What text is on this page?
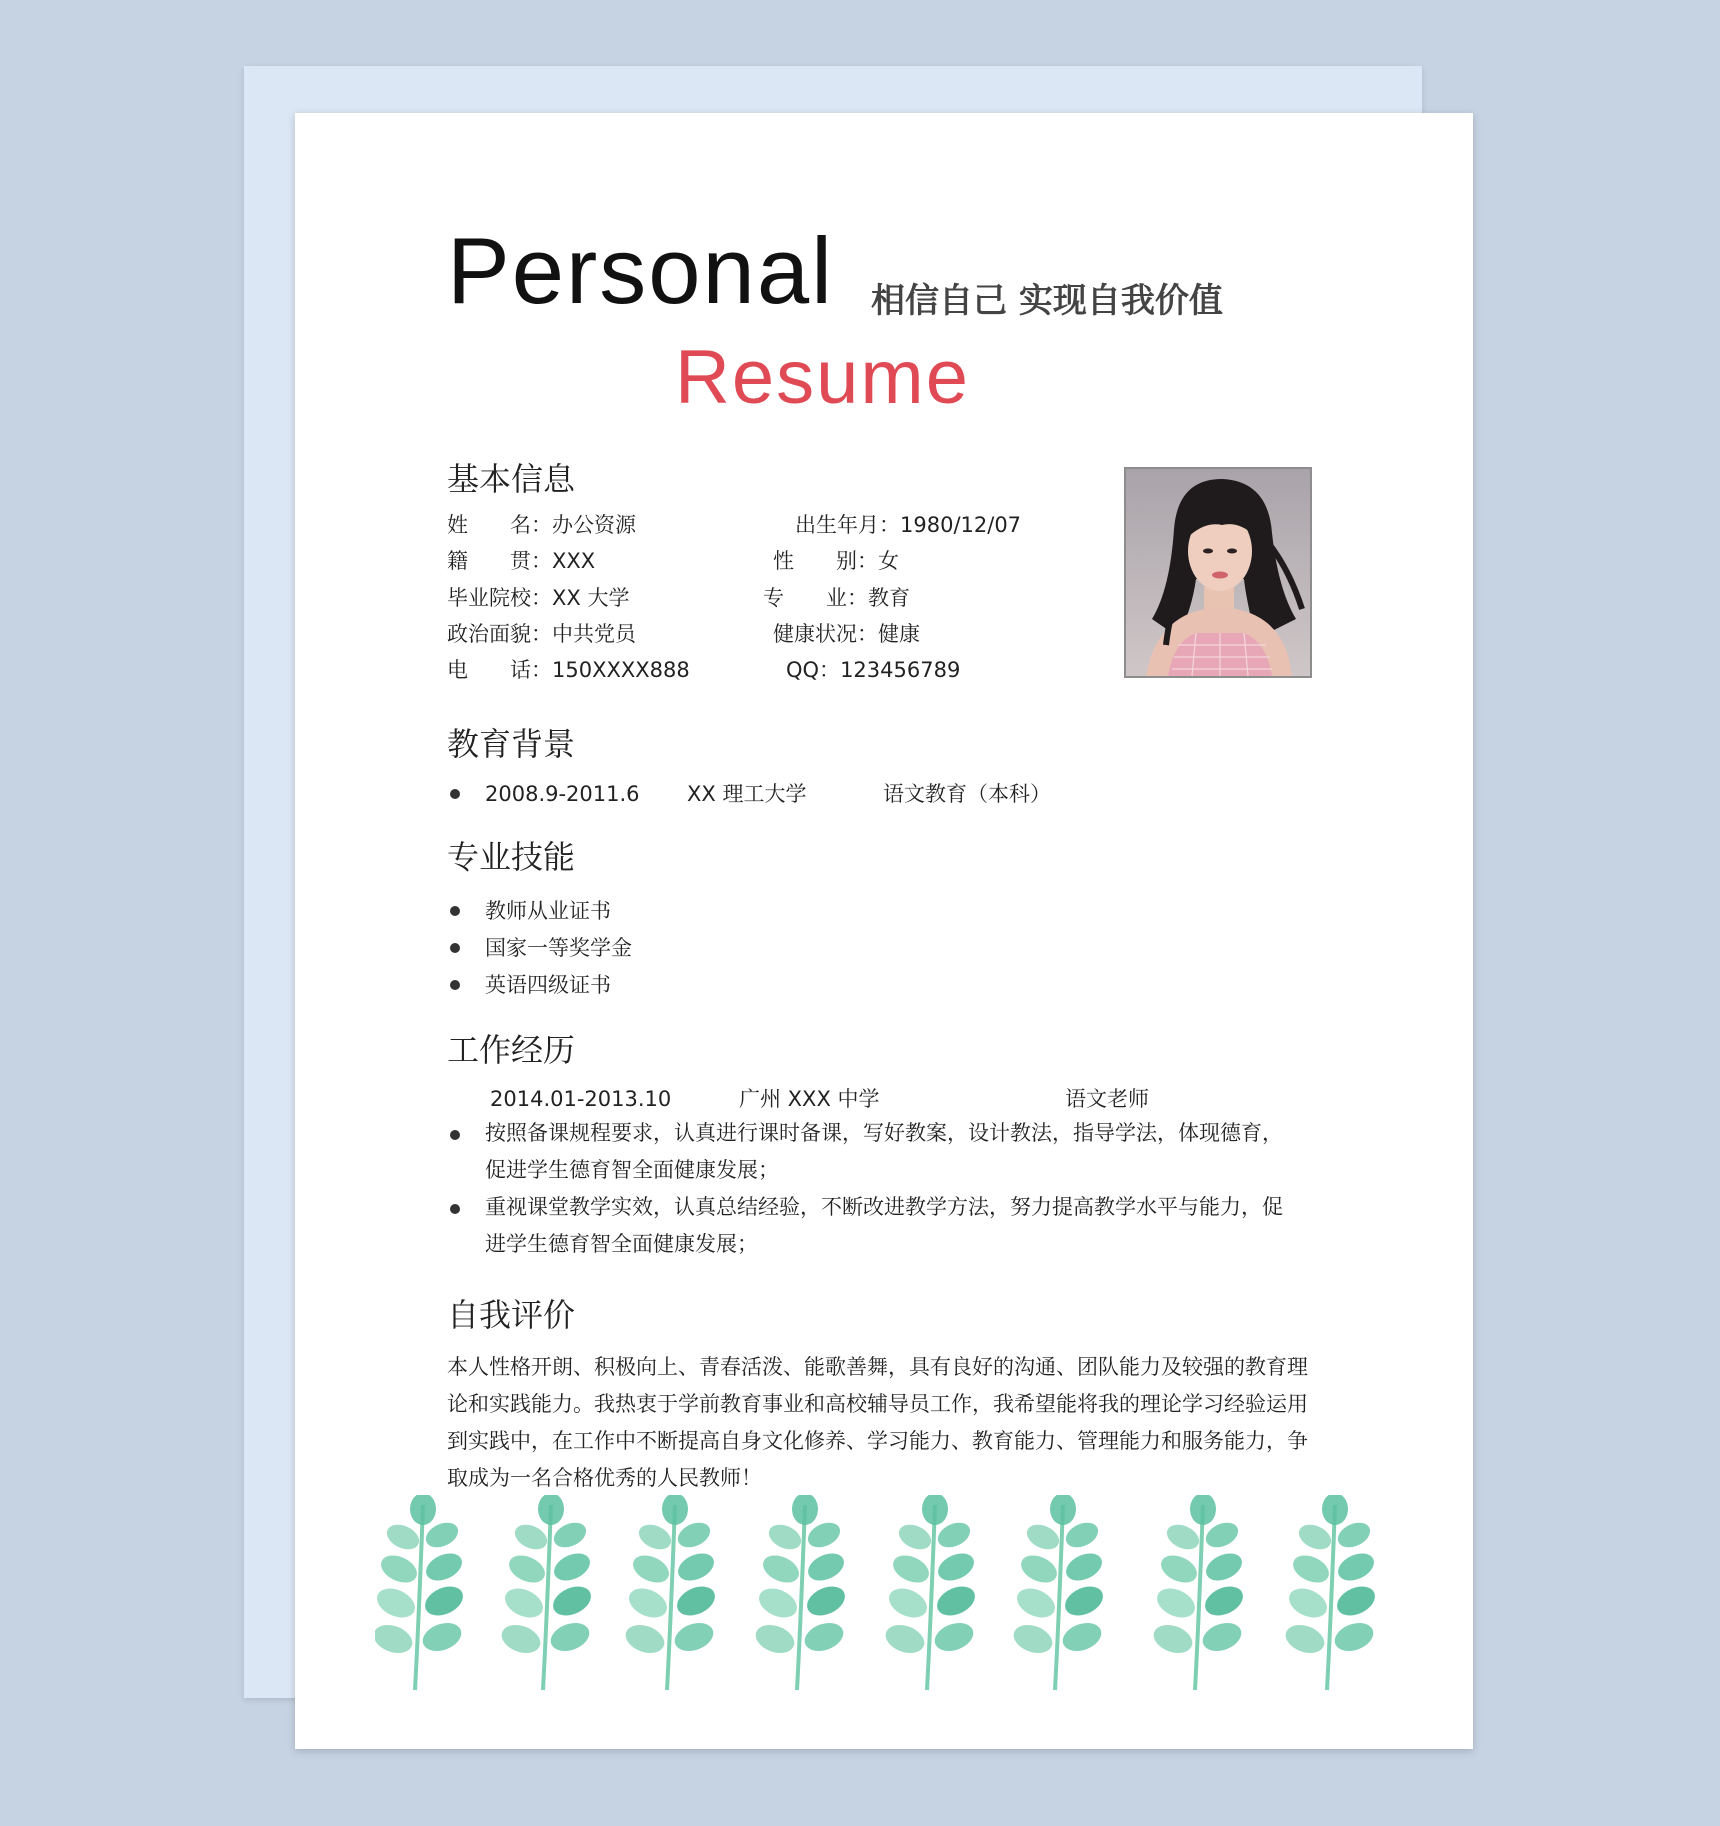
Personal 相信自己 实现自我价值
Resume
基本信息
姓　　名：办公资源	出生年月：1980/12/07
籍　　贯：XXX	性　　别：女
毕业院校：XX 大学	专　　业：教育
政治面貌：中共党员	健康状况：健康
电　　话：150XXXX888	QQ：123456789
教育背景
2008.9-2011.6 XX 理工大学	语文教育（本科）
专业技能
教师从业证书
国家一等奖学金
英语四级证书
工作经历
2014.01-2013.10	广州 XXX 中学	语文老师
按照备课规程要求，认真进行课时备课，写好教案，设计教法，指导学法，体现德育，
促进学生德育智全面健康发展；
重视课堂教学实效，认真总结经验，不断改进教学方法，努力提高教学水平与能力，促
进学生德育智全面健康发展；
自我评价
本人性格开朗、积极向上、青春活泼、能歌善舞，具有良好的沟通、团队能力及较强的教育理
论和实践能力。我热衷于学前教育事业和高校辅导员工作，我希望能将我的理论学习经验运用
到实践中，在工作中不断提高自身文化修养、学习能力、教育能力、管理能力和服务能力，争
取成为一名合格优秀的人民教师！
